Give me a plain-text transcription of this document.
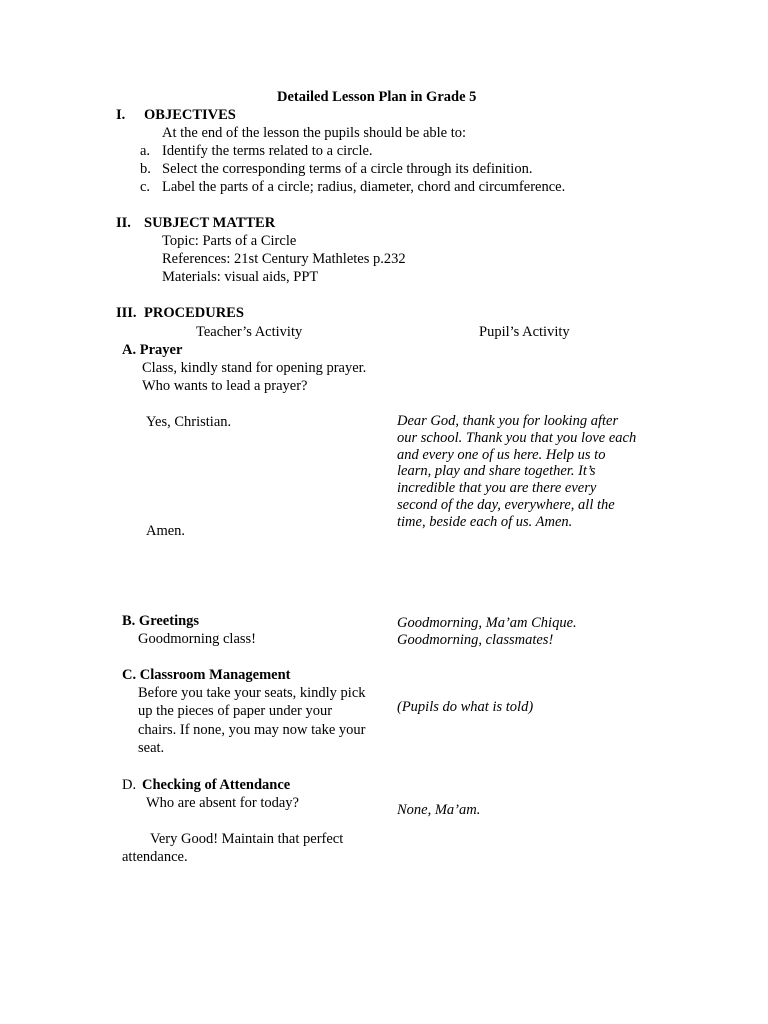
Detailed Lesson Plan in Grade 5
I. OBJECTIVES
At the end of the lesson the pupils should be able to:
a. Identify the terms related to a circle.
b. Select the corresponding terms of a circle through its definition.
c. Label the parts of a circle; radius, diameter, chord and circumference.
II. SUBJECT MATTER
Topic: Parts of a Circle
References: 21st Century Mathletes p.232
Materials: visual aids, PPT
III. PROCEDURES
Teacher’s Activity	Pupil’s Activity
A. Prayer
Class, kindly stand for opening prayer.
Who wants to lead a prayer?
Yes, Christian.
Amen.
Dear God, thank you for looking after
our school. Thank you that you love each
and every one of us here. Help us to
learn, play and share together. It’s
incredible that you are there every
second of the day, everywhere, all the
time, beside each of us. Amen.
B. Greetings
Goodmorning class!
Goodmorning, Ma’am Chique.
Goodmorning, classmates!
C. Classroom Management
Before you take your seats, kindly pick
up the pieces of paper under your
chairs. If none, you may now take your
seat.
(Pupils do what is told)
D. Checking of Attendance
Who are absent for today?	None, Ma’am.
Very Good! Maintain that perfect
attendance.
